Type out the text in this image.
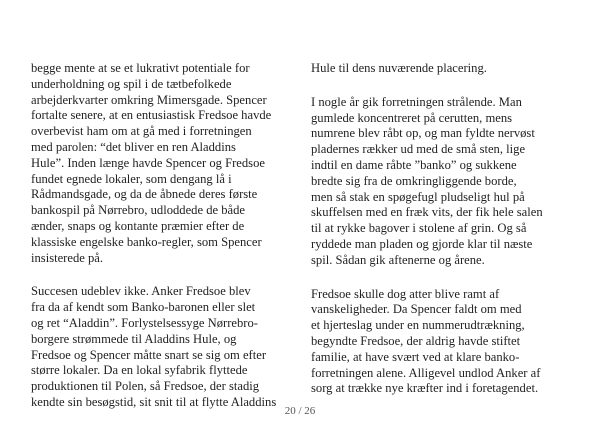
begge mente at se et lukrativt potentiale for
underholdning og spil i de tætbefolkede
arbejderkvarter omkring Mimersgade. Spencer
fortalte senere, at en entusiastisk Fredsoe havde
overbevist ham om at gå med i forretningen
med parolen: “det bliver en ren Aladdins
Hule”. Inden længe havde Spencer og Fredsoe
fundet egnede lokaler, som dengang lå i
Rådmandsgade, og da de åbnede deres første
bankospil på Nørrebro, udloddede de både
ænder, snaps og kontante præmier efter de
klassiske engelske banko-regler, som Spencer
insisterede på.

Succesen udeblev ikke. Anker Fredsoe blev
fra da af kendt som Banko-baronen eller slet
og ret “Aladdin”. Forlystelsessyge Nørrebro-
borgere strømmede til Aladdins Hule, og
Fredsoe og Spencer måtte snart se sig om efter
større lokaler. Da en lokal syfabrik flyttede
produktionen til Polen, så Fredsoe, der stadig
kendte sin besøgstid, sit snit til at flytte Aladdins

Hule til dens nuværende placering.

I nogle år gik forretningen strålende. Man
gumlede koncentreret på cerutten, mens
numrene blev råbt op, og man fyldte nervøst
pladernes rækker ud med de små sten, lige
indtil en dame råbte ”banko” og sukkene
bredte sig fra de omkringliggende borde,
men så stak en spøgefugl pludseligt hul på
skuffelsen med en fræk vits, der fik hele salen
til at rykke bagover i stolene af grin. Og så
ryddede man pladen og gjorde klar til næste
spil. Sådan gik aftenerne og årene.

Fredsoe skulle dog atter blive ramt af
vanskeligheder. Da Spencer faldt om med
et hjerteslag under en nummerudtrækning,
begyndte Fredsoe, der aldrig havde stiftet
familie, at have svært ved at klare banko-
forretningen alene. Alligevel undlod Anker af
sorg at trække nye kræfter ind i foretagendet.

20 / 26
